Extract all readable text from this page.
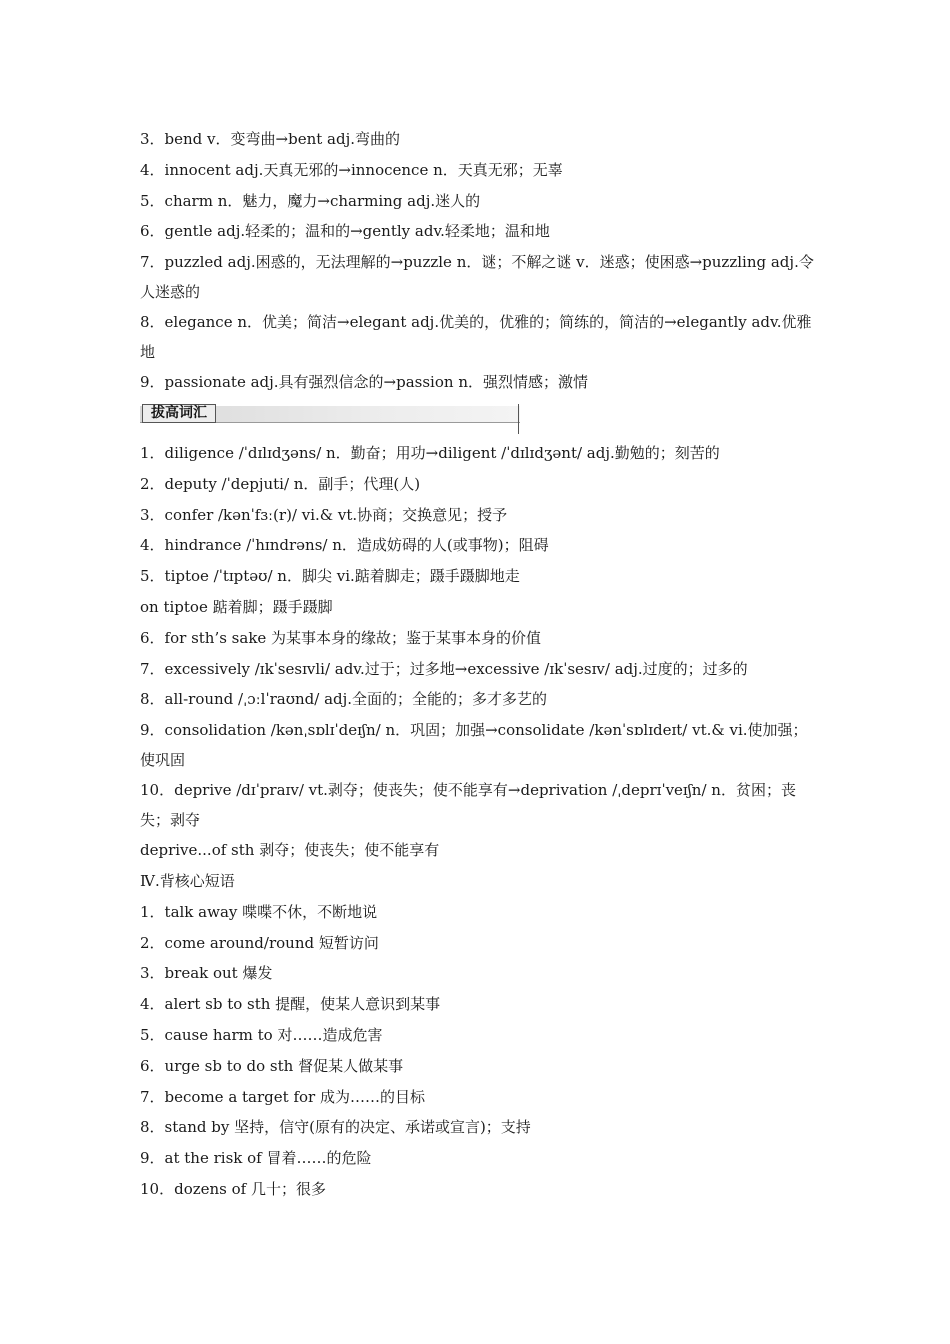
3．bend v．变弯曲→bent adj.弯曲的
4．innocent adj.天真无邪的→innocence n．天真无邪；无辜
5．charm n．魅力，魔力→charming adj.迷人的
6．gentle adj.轻柔的；温和的→gently adv.轻柔地；温和地
7．puzzled adj.困惑的，无法理解的→puzzle n．谜；不解之谜 v．迷惑；使困惑→puzzling adj.令人迷惑的
8．elegance n．优美；简洁→elegant adj.优美的，优雅的；简练的，简洁的→elegantly adv.优雅地
9．passionate adj.具有强烈信念的→passion n．强烈情感；激情
拔高词汇
1．diligence /ˈdɪlɪdʒəns/ n．勤奋；用功→diligent /ˈdɪlɪdʒənt/ adj.勤勉的；刻苦的
2．deputy /ˈdepjuti/ n．副手；代理(人)
3．confer /kənˈfɜː(r)/ vi.& vt.协商；交换意见；授予
4．hindrance /ˈhɪndrəns/ n．造成妨碍的人(或事物)；阻碍
5．tiptoe /ˈtɪptəʊ/ n．脚尖 vi.踮着脚走；蹑手蹑脚地走
on tiptoe 踮着脚；蹑手蹑脚
6．for sth’s sake 为某事本身的缘故；鉴于某事本身的价值
7．excessively /ɪkˈsesɪvli/ adv.过于；过多地→excessive /ɪkˈsesɪv/ adj.过度的；过多的
8．all-round /ˌɔːlˈraʊnd/ adj.全面的；全能的；多才多艺的
9．consolidation /kənˌsɒlɪˈdeɪʃn/ n．巩固；加强→consolidate /kənˈsɒlɪdeɪt/ vt.& vi.使加强；使巩固
10．deprive /dɪˈpraɪv/ vt.剥夺；使丧失；使不能享有→deprivation /ˌdeprɪˈveɪʃn/ n．贫困；丧失；剥夺
deprive...of sth 剥夺；使丧失；使不能享有
Ⅳ.背核心短语
1．talk away 喋喋不休，不断地说
2．come around/round 短暂访问
3．break out 爆发
4．alert sb to sth 提醒，使某人意识到某事
5．cause harm to 对……造成危害
6．urge sb to do sth 督促某人做某事
7．become a target for 成为……的目标
8．stand by 坚持，信守(原有的决定、承诺或宣言)；支持
9．at the risk of 冒着……的危险
10．dozens of 几十；很多
